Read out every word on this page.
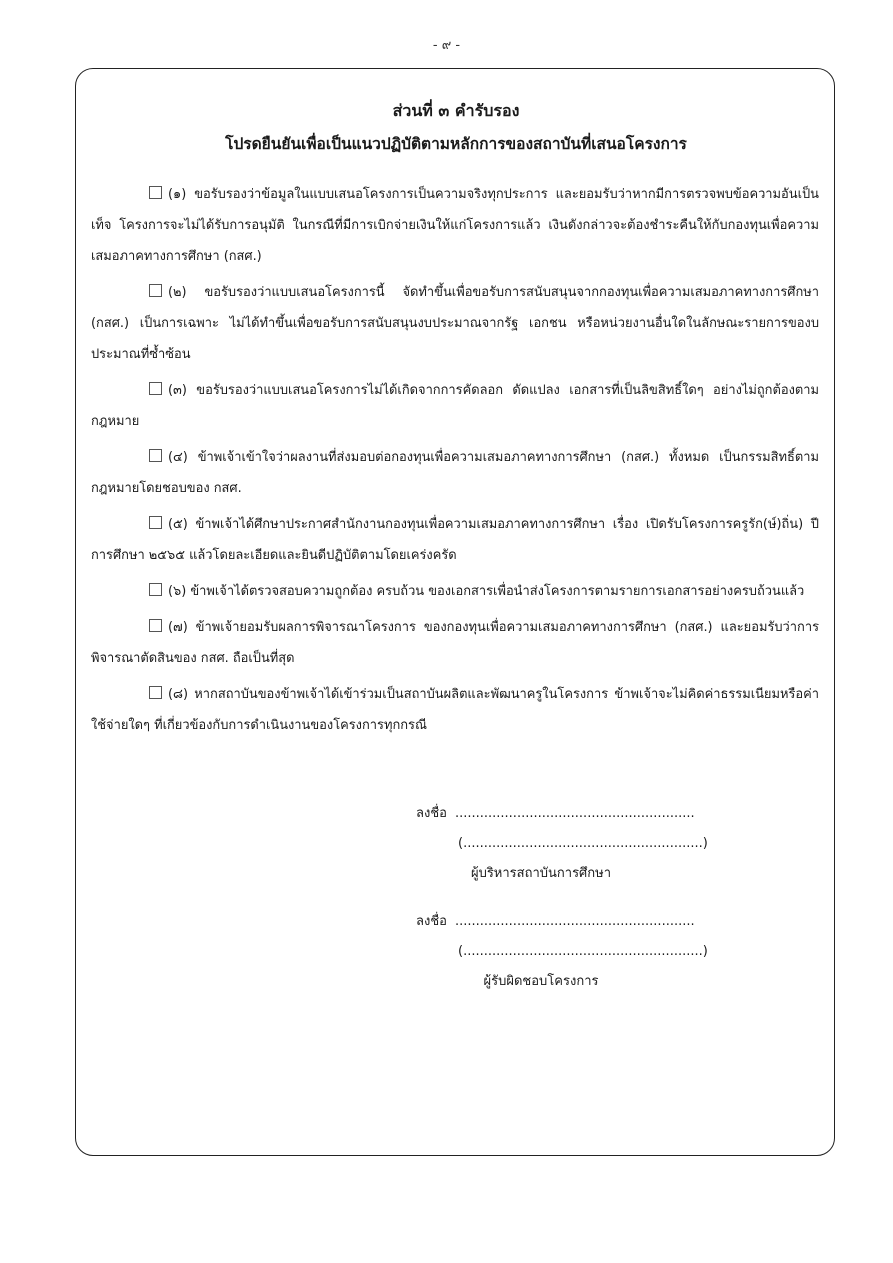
- ๙ -
ส่วนที่ ๓ คำรับรอง
โปรดยืนยันเพื่อเป็นแนวปฏิบัติตามหลักการของสถาบันที่เสนอโครงการ

(๑) ขอรับรองว่าข้อมูลในแบบเสนอโครงการเป็นความจริงทุกประการ และยอมรับว่าหากมีการตรวจพบข้อความอันเป็นเท็จ โครงการจะไม่ได้รับการอนุมัติ ในกรณีที่มีการเบิกจ่ายเงินให้แก่โครงการแล้ว เงินดังกล่าวจะต้องชำระคืนให้กับกองทุนเพื่อความเสมอภาคทางการศึกษา (กสศ.)

(๒) ขอรับรองว่าแบบเสนอโครงการนี้ จัดทำขึ้นเพื่อขอรับการสนับสนุนจากกองทุนเพื่อความเสมอภาคทางการศึกษา (กสศ.) เป็นการเฉพาะ ไม่ได้ทำขึ้นเพื่อขอรับการสนับสนุนงบประมาณจากรัฐ เอกชน หรือหน่วยงานอื่นใดในลักษณะรายการของบประมาณที่ซ้ำซ้อน

(๓) ขอรับรองว่าแบบเสนอโครงการไม่ได้เกิดจากการคัดลอก ดัดแปลง เอกสารที่เป็นลิขสิทธิ์ใดๆ อย่างไม่ถูกต้องตามกฎหมาย

(๔) ข้าพเจ้าเข้าใจว่าผลงานที่ส่งมอบต่อกองทุนเพื่อความเสมอภาคทางการศึกษา (กสศ.) ทั้งหมด เป็นกรรมสิทธิ์ตามกฎหมายโดยชอบของ กสศ.

(๕) ข้าพเจ้าได้ศึกษาประกาศสำนักงานกองทุนเพื่อความเสมอภาคทางการศึกษา เรื่อง เปิดรับโครงการครูรัก(ษ์)ถิ่น) ปีการศึกษา ๒๕๖๕ แล้วโดยละเอียดและยินดีปฏิบัติตามโดยเคร่งครัด

(๖) ข้าพเจ้าได้ตรวจสอบความถูกต้อง ครบถ้วน ของเอกสารเพื่อนำส่งโครงการตามรายการเอกสารอย่างครบถ้วนแล้ว

(๗) ข้าพเจ้ายอมรับผลการพิจารณาโครงการ ของกองทุนเพื่อความเสมอภาคทางการศึกษา (กสศ.) และยอมรับว่าการพิจารณาตัดสินของ กสศ. ถือเป็นที่สุด

(๘) หากสถาบันของข้าพเจ้าได้เข้าร่วมเป็นสถาบันผลิตและพัฒนาครูในโครงการ ข้าพเจ้าจะไม่คิดค่าธรรมเนียมหรือค่าใช้จ่ายใดๆ ที่เกี่ยวข้องกับการดำเนินงานของโครงการทุกกรณี

ลงชื่อ ..........................................................
(..........................................................)
ผู้บริหารสถาบันการศึกษา
ลงชื่อ ..........................................................
(..........................................................)
ผู้รับผิดชอบโครงการ
